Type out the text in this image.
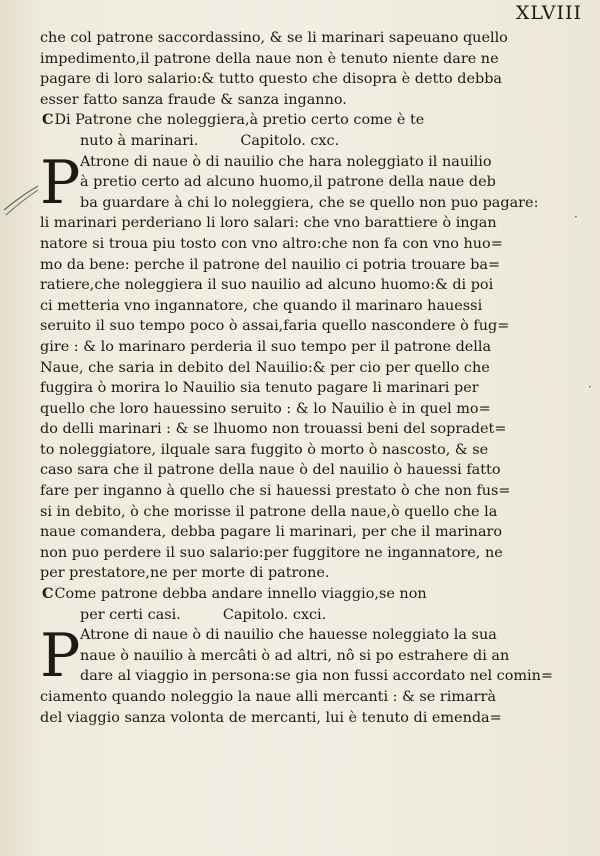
XLVIII
·
·
che col patrone saccordassino, & se li marinari sapeuano quello
impedimento,il patrone della naue non è tenuto niente dare ne
pagare di loro salario:& tutto questo che disopra è detto debba
esser fatto sanza fraude & sanza inganno.
CDi Patrone che noleggiera,à pretio certo come è te
nuto à marinari.	Capitolo. cxc.
P Atrone di naue ò di nauilio che hara noleggiato il nauilio
à pretio certo ad alcuno huomo,il patrone della naue deb
ba guardare à chi lo noleggiera, che se quello non puo pagare:
li marinari perderiano li loro salari: che vno barattiere ò ingan
natore si troua piu tosto con vno altro:che non fa con vno huo=
mo da bene: perche il patrone del nauilio ci potria trouare ba=
ratiere,che noleggiera il suo nauilio ad alcuno huomo:& di poi
ci metteria vno ingannatore, che quando il marinaro hauessi
seruito il suo tempo poco ò assai,faria quello nascondere ò fug=
gire : & lo marinaro perderia il suo tempo per il patrone della
Naue, che saria in debito del Nauilio:& per cio per quello che
fuggira ò morira lo Nauilio sia tenuto pagare li marinari per
quello che loro hauessino seruito : & lo Nauilio è in quel mo=
do delli marinari : & se lhuomo non trouassi beni del sopradet=
to noleggiatore, ilquale sara fuggito ò morto ò nascosto, & se
caso sara che il patrone della naue ò del nauilio ò hauessi fatto
fare per inganno à quello che si hauessi prestato ò che non fus=
si in debito, ò che morisse il patrone della naue,ò quello che la
naue comandera, debba pagare li marinari, per che il marinaro
non puo perdere il suo salario:per fuggitore ne ingannatore, ne
per prestatore,ne per morte di patrone.
CCome patrone debba andare innello viaggio,se non
per certi casi.	Capitolo. cxci.
P Atrone di naue ò di nauilio che hauesse noleggiato la sua
naue ò nauilio à mercâti ò ad altri, nô si po estrahere di an
dare al viaggio in persona:se gia non fussi accordato nel comin=
ciamento quando noleggio la naue alli mercanti : & se rimarrà
del viaggio sanza volonta de mercanti, lui è tenuto di emenda=
